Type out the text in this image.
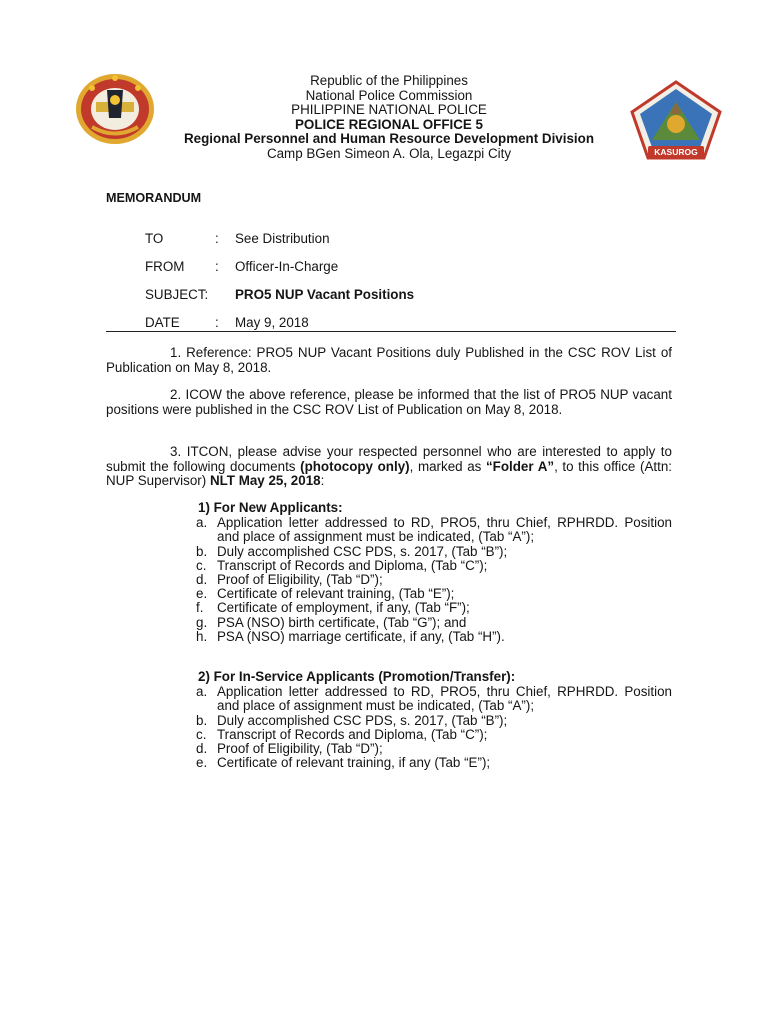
Republic of the Philippines
National Police Commission
PHILIPPINE NATIONAL POLICE
POLICE REGIONAL OFFICE 5
Regional Personnel and Human Resource Development Division
Camp BGen Simeon A. Ola, Legazpi City	KASUROG
MEMORANDUM
TO	: See Distribution
FROM : Officer-In-Charge
SUBJECT: PRO5 NUP Vacant Positions
DATE	: May 9, 2018
1. Reference: PRO5 NUP Vacant Positions duly Published in the CSC ROV List of Publication on May 8, 2018.
2. ICOW the above reference, please be informed that the list of PRO5 NUP vacant positions were published in the CSC ROV List of Publication on May 8, 2018.
3. ITCON, please advise your respected personnel who are interested to apply to submit the following documents (photocopy only), marked as “Folder A”, to this office (Attn: NUP Supervisor) NLT May 25, 2018:
1) For New Applicants:
a. Application letter addressed to RD, PRO5, thru Chief, RPHRDD. Position and place of assignment must be indicated, (Tab “A”);
b. Duly accomplished CSC PDS, s. 2017, (Tab “B”);
c. Transcript of Records and Diploma, (Tab “C”);
d. Proof of Eligibility, (Tab “D”);
e. Certificate of relevant training, (Tab “E”);
f. Certificate of employment, if any, (Tab “F”);
g. PSA (NSO) birth certificate, (Tab “G”); and
h. PSA (NSO) marriage certificate, if any, (Tab “H”).
2) For In-Service Applicants (Promotion/Transfer):
a. Application letter addressed to RD, PRO5, thru Chief, RPHRDD. Position and place of assignment must be indicated, (Tab “A”);
b. Duly accomplished CSC PDS, s. 2017, (Tab “B”);
c. Transcript of Records and Diploma, (Tab “C”);
d. Proof of Eligibility, (Tab “D”);
e. Certificate of relevant training, if any (Tab “E”);
